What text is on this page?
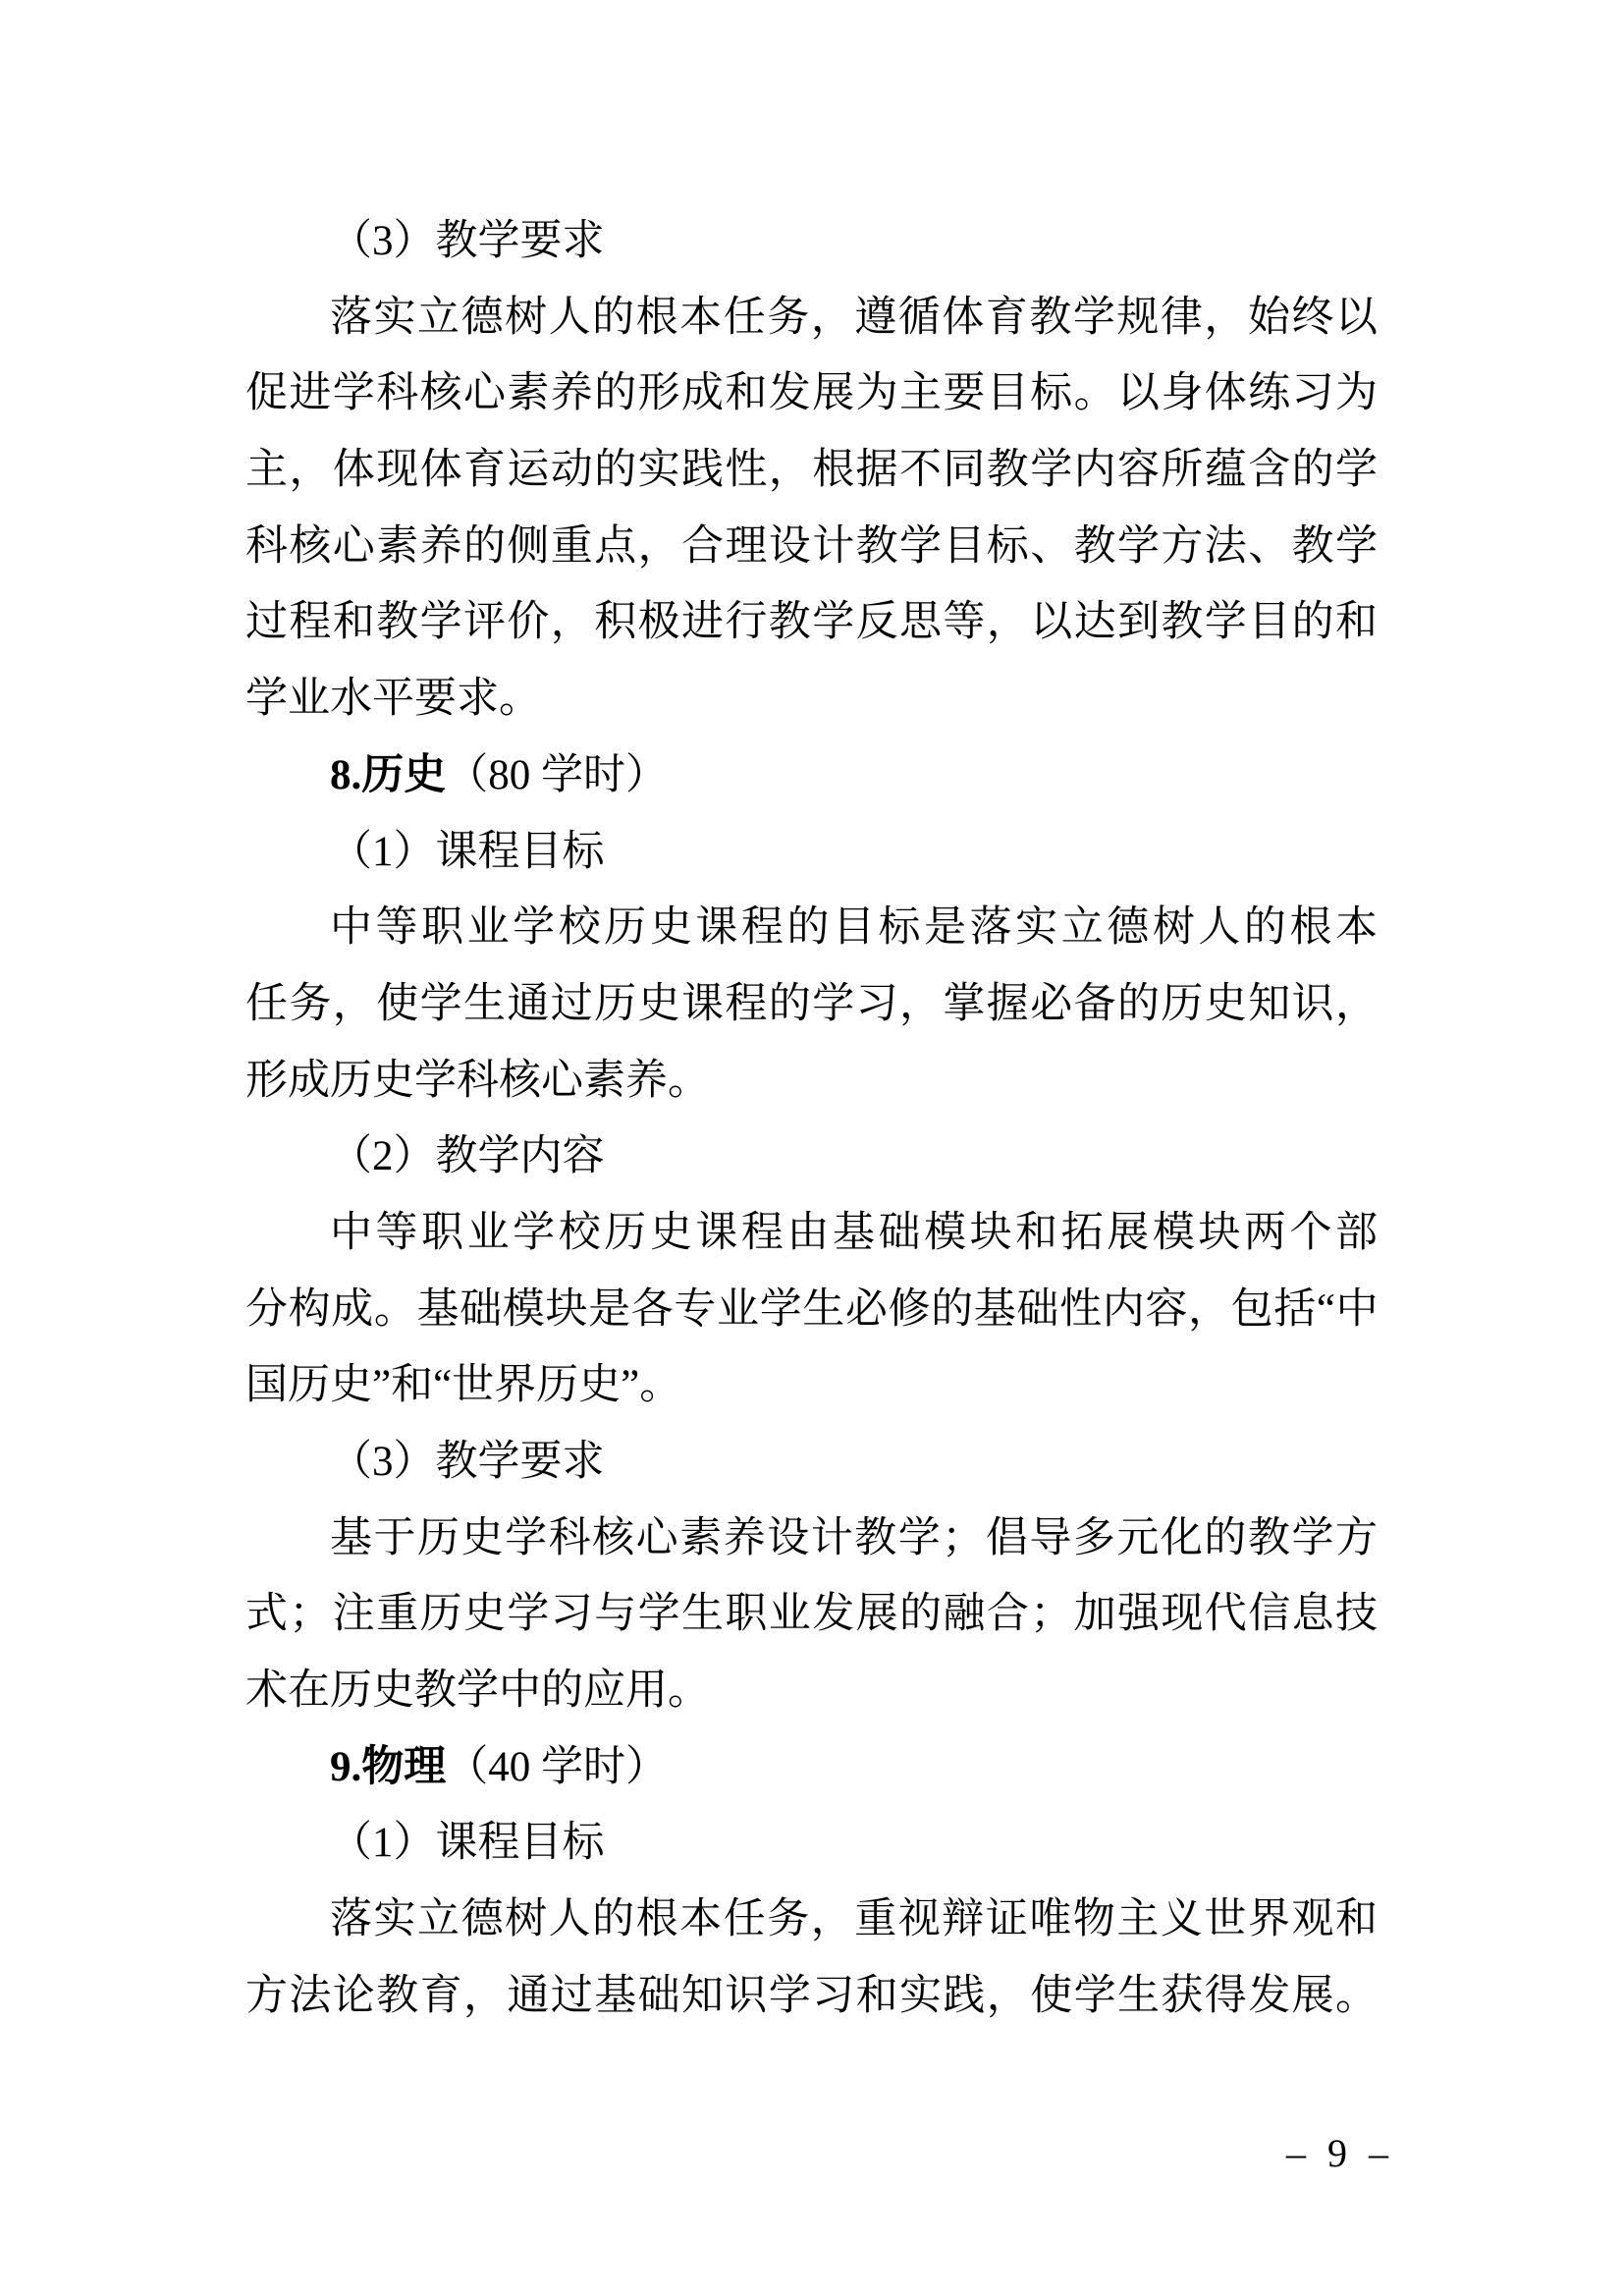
（3）教学要求
落实立德树人的根本任务，遵循体育教学规律，始终以
促进学科核心素养的形成和发展为主要目标。以身体练习为
主，体现体育运动的实践性，根据不同教学内容所蕴含的学
科核心素养的侧重点，合理设计教学目标、教学方法、教学
过程和教学评价，积极进行教学反思等，以达到教学目的和
学业水平要求。
8.历史（80 学时）
（1）课程目标
中等职业学校历史课程的目标是落实立德树人的根本
任务，使学生通过历史课程的学习，掌握必备的历史知识，
形成历史学科核心素养。
（2）教学内容
中等职业学校历史课程由基础模块和拓展模块两个部
分构成。基础模块是各专业学生必修的基础性内容，包括“中
国历史”和“世界历史”。
（3）教学要求
基于历史学科核心素养设计教学；倡导多元化的教学方
式；注重历史学习与学生职业发展的融合；加强现代信息技
术在历史教学中的应用。
9.物理（40 学时）
（1）课程目标
落实立德树人的根本任务，重视辩证唯物主义世界观和
方法论教育，通过基础知识学习和实践，使学生获得发展。
– 9 –
